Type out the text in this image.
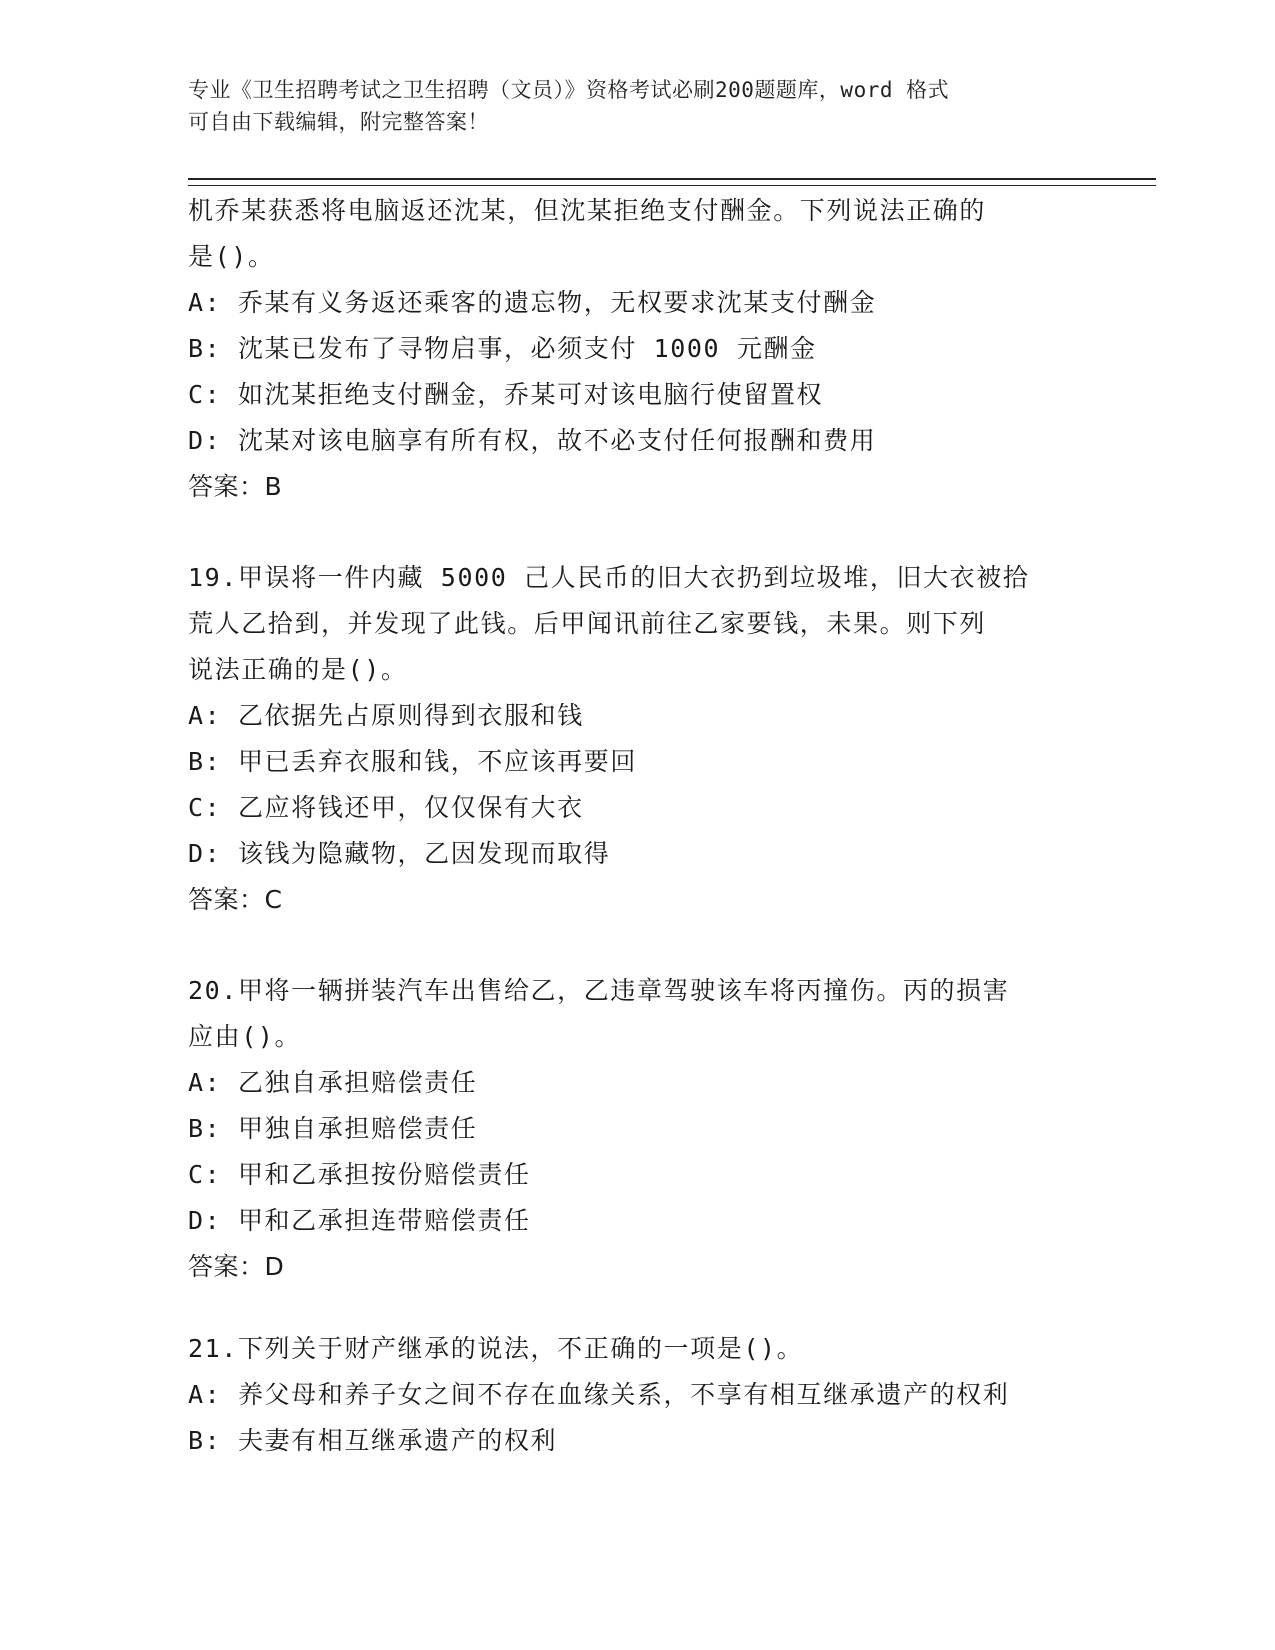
专业《卫生招聘考试之卫生招聘（文员）》资格考试必刷200题题库，word 格式
可自由下载编辑，附完整答案！
机乔某获悉将电脑返还沈某，但沈某拒绝支付酬金。下列说法正确的
是()。
A: 乔某有义务返还乘客的遗忘物，无权要求沈某支付酬金
B: 沈某已发布了寻物启事，必须支付 1000 元酬金
C: 如沈某拒绝支付酬金，乔某可对该电脑行使留置权
D: 沈某对该电脑享有所有权，故不必支付任何报酬和费用
答案：B
19.甲误将一件内藏 5000 己人民币的旧大衣扔到垃圾堆，旧大衣被拾
荒人乙拾到，并发现了此钱。后甲闻讯前往乙家要钱，未果。则下列
说法正确的是()。
A: 乙依据先占原则得到衣服和钱
B: 甲已丢弃衣服和钱，不应该再要回
C: 乙应将钱还甲，仅仅保有大衣
D: 该钱为隐藏物，乙因发现而取得
答案：C
20.甲将一辆拼装汽车出售给乙，乙违章驾驶该车将丙撞伤。丙的损害
应由()。
A: 乙独自承担赔偿责任
B: 甲独自承担赔偿责任
C: 甲和乙承担按份赔偿责任
D: 甲和乙承担连带赔偿责任
答案：D
21.下列关于财产继承的说法，不正确的一项是()。
A: 养父母和养子女之间不存在血缘关系，不享有相互继承遗产的权利
B: 夫妻有相互继承遗产的权利
